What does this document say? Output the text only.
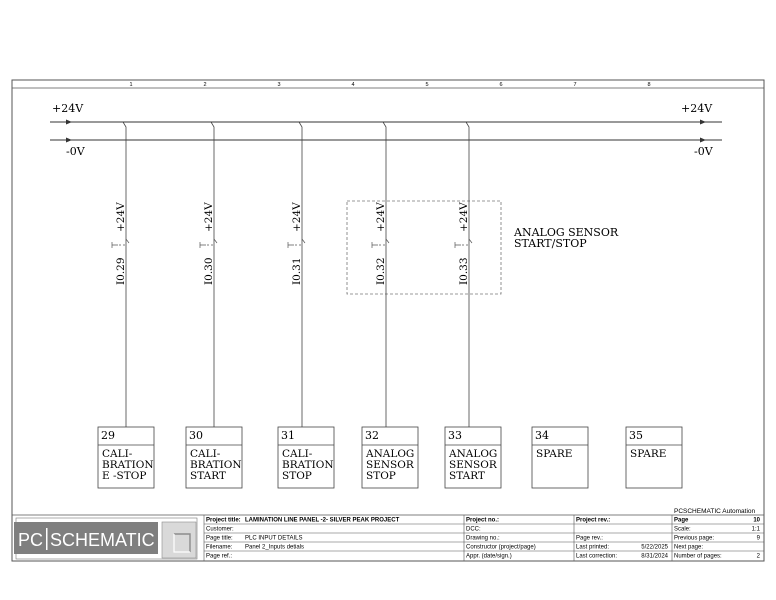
1	2	3	4	5	6	7	8
+24V	+24V
-0V	-0V
ANALOG SENSOR
START/STOP
+24V
I0.29
+24V
I0.30
+24V
I0.31
+24V
I0.32
+24V
I0.33
29
CALI-
BRATION
E -STOP
30
CALI-
BRATION
START
31
CALI-
BRATION
STOP
32
ANALOG
SENSOR
STOP
33
ANALOG
SENSOR
START
34
SPARE
35
SPARE
PCSCHEMATIC Automation
PC SCHEMATIC
Project title: LAMINATION LINE PANEL -2- SILVER PEAK PROJECT
Customer:
Page title: PLC INPUT DETAILS
Filename: Panel 2_Inputs detials
Page ref.:
Project no.:
DCC:
Drawing no.:
Constructor (project/page)
Appr. (date/sign.)
Project rev.:
Page rev.:
Last printed:	5/22/2025
Last correction:	8/31/2024
Page	10
Scale:	1:1
Previous page:	9
Next page:
Number of pages:	2
